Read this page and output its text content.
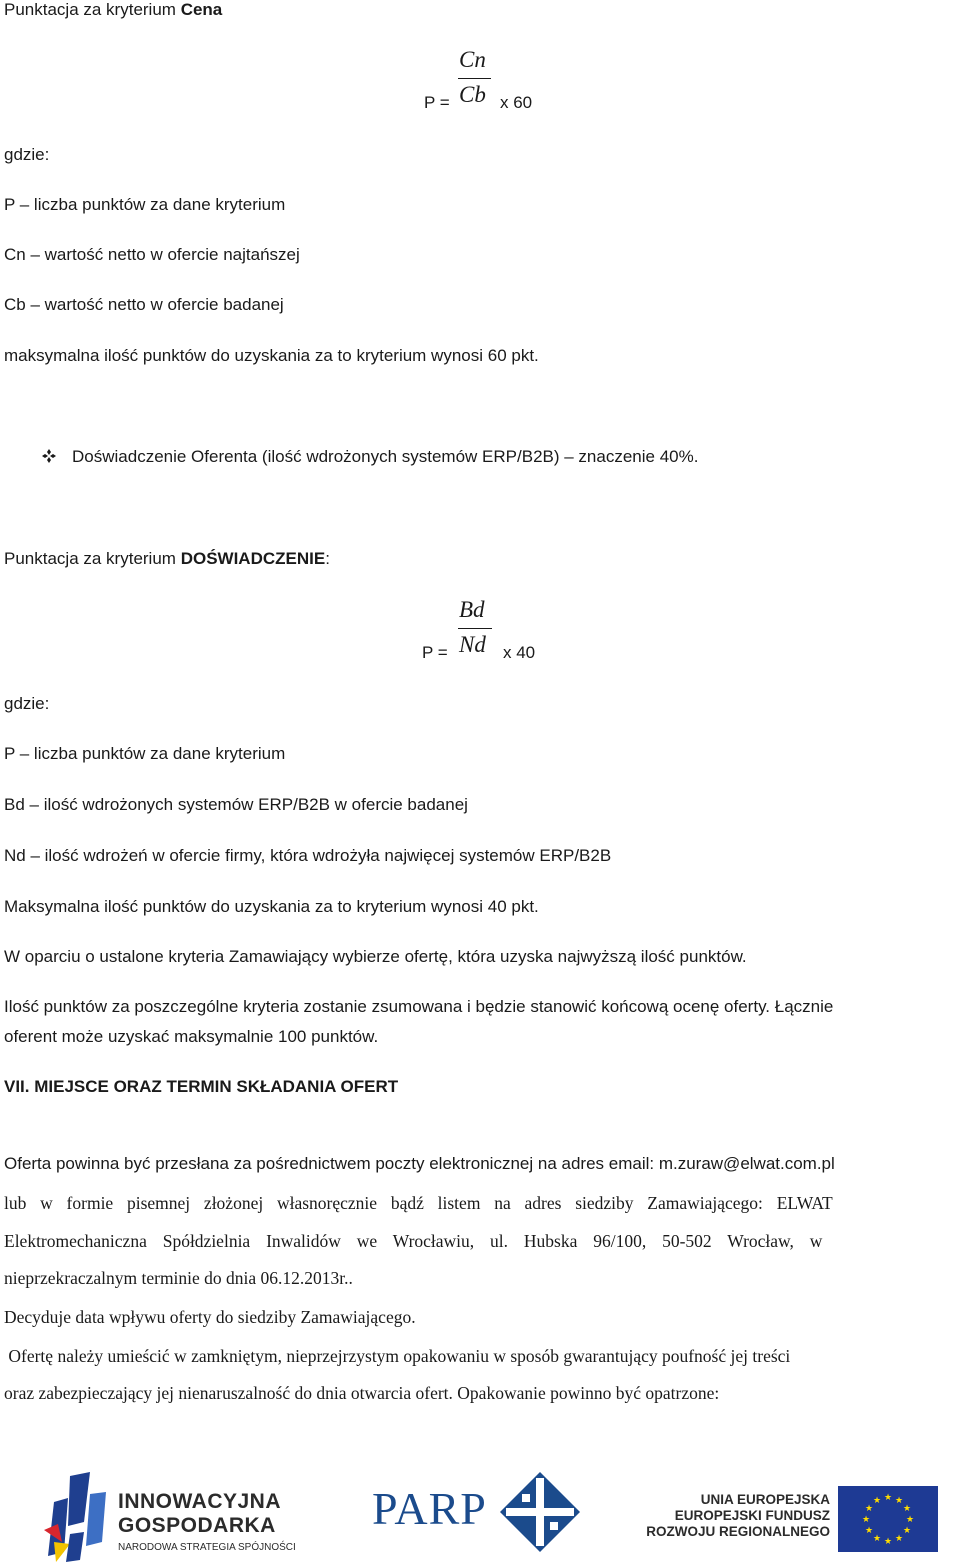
Punktacja za kryterium Cena
P =
Cn
Cb x 60
gdzie:
P – liczba punktów za dane kryterium
Cn – wartość netto w ofercie najtańszej
Cb – wartość netto w ofercie badanej
maksymalna ilość punktów do uzyskania za to kryterium wynosi 60 pkt.
Doświadczenie Oferenta (ilość wdrożonych systemów ERP/B2B) – znaczenie 40%.
Punktacja za kryterium DOŚWIADCZENIE:
P =
Bd
Nd x 40
gdzie:
P – liczba punktów za dane kryterium
Bd – ilość wdrożonych systemów ERP/B2B w ofercie badanej
Nd – ilość wdrożeń w ofercie firmy, która wdrożyła najwięcej systemów ERP/B2B
Maksymalna ilość punktów do uzyskania za to kryterium wynosi 40 pkt.
W oparciu o ustalone kryteria Zamawiający wybierze ofertę, która uzyska najwyższą ilość punktów.
Ilość punktów za poszczególne kryteria zostanie zsumowana i będzie stanowić końcową ocenę oferty. Łącznie
oferent może uzyskać maksymalnie 100 punktów.
VII. MIEJSCE ORAZ TERMIN SKŁADANIA OFERT
Oferta powinna być przesłana za pośrednictwem poczty elektronicznej na adres email: m.zuraw@elwat.com.pl
lub w formie pisemnej złożonej własnoręcznie bądź listem na adres siedziby Zamawiającego: ELWAT
Elektromechaniczna Spółdzielnia Inwalidów we Wrocławiu, ul. Hubska 96/100, 50-502 Wrocław, w
nieprzekraczalnym terminie do dnia 06.12.2013r..
Decyduje data wpływu oferty do siedziby Zamawiającego.
Ofertę należy umieścić w zamkniętym, nieprzejrzystym opakowaniu w sposób gwarantujący poufność jej treści
oraz zabezpieczający jej nienaruszalność do dnia otwarcia ofert. Opakowanie powinno być opatrzone:
INNOWACYJNA
GOSPODARKA
NARODOWA STRATEGIA SPÓJNOŚCI
PARP	UNIA EUROPEJSKA
EUROPEJSKI FUNDUSZ
ROZWOJU REGIONALNEGO
★ ★
★
★
★
★
★
★
★
★
★
★
